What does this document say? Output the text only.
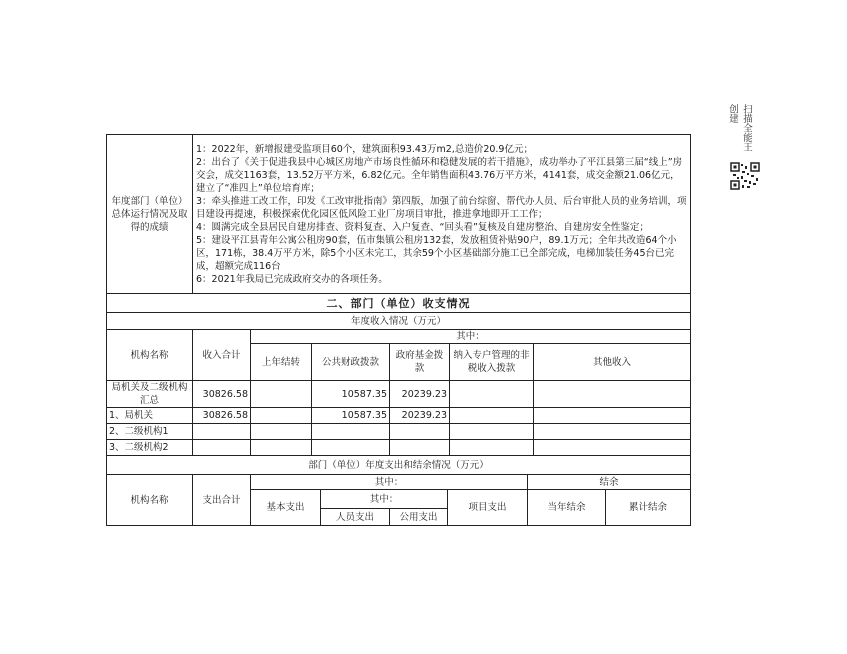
年度部门（单位）总体运行情况及取得的成绩	

1：2022年，新增报建受监项目60个，建筑面积93.43万m2,总造价20.9亿元；

2：出台了《关于促进我县中心城区房地产市场良性循环和稳健发展的若干措施》，成功举办了平江县第三届“线上”房交会，成交1163套，13.52万平方米，6.82亿元。全年销售面积43.76万平方米，4141套，成交金额21.06亿元，建立了“准四上”单位培育库；

3：牵头推进工改工作，印发《工改审批指南》第四版，加强了前台综窗、帮代办人员、后台审批人员的业务培训，项目建设再提速，积极探索优化园区低风险工业厂房项目审批，推进拿地即开工工作；

4：圆满完成全县居民自建房排查、资料复查、入户复查、“回头看”复核及自建房整治、自建房安全性鉴定；

5：建设平江县青年公寓公租房90套，伍市集镇公租房132套，发放租赁补贴90户，89.1万元；全年共改造64个小区，171栋，38.4万平方米，除5个小区未完工，其余59个小区基础部分施工已全部完成，电梯加装任务45台已完成，超额完成116台

6：2021年我局已完成政府交办的各项任务。

二、部门（单位）收支情况
年度收入情况（万元）						
机构名称	收入合计	其中：				
		上年结转	公共财政拨款	政府基金拨款	纳入专户管理的非税收入拨款	其他收入
局机关及二级机构汇总	30826.58		10587.35	20239.23		
1、局机关	30826.58		10587.35	20239.23		
2、二级机构1						
3、二级机构2						
部门（单位）年度支出和结余情况（万元）							
机构名称	支出合计	其中：				结余	
		基本支出	其中：		项目支出	当年结余	累计结余
			人员支出	公用支出			
扫描全能王 创建
